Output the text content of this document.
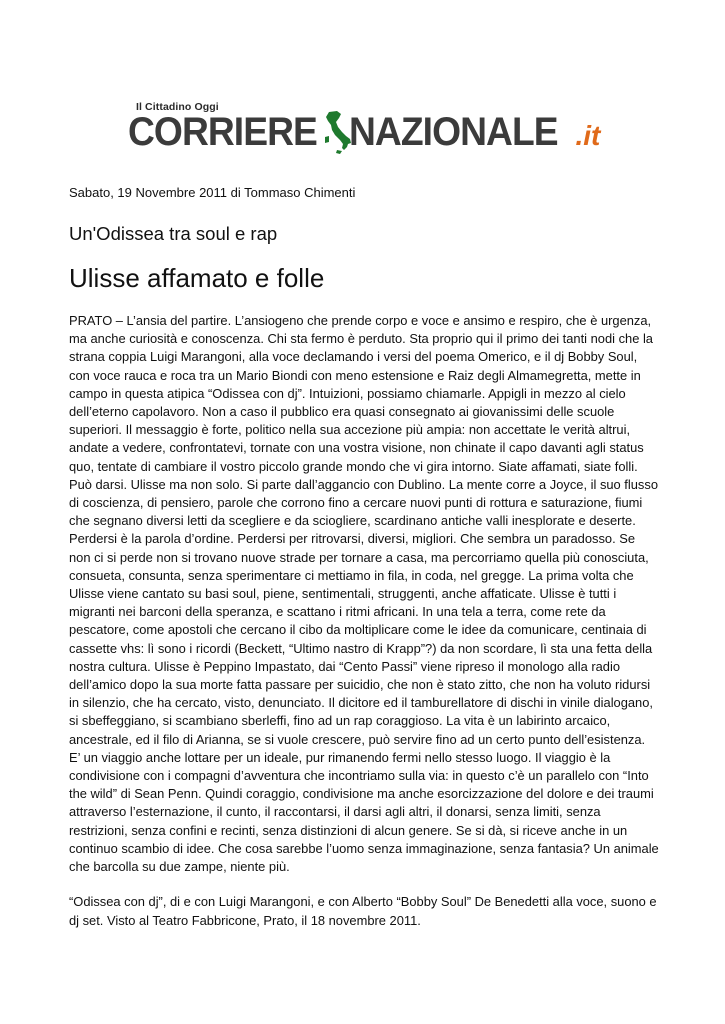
Il Cittadino Oggi
CORRIERE NAZIONALE .it

Sabato, 19 Novembre 2011 di Tommaso Chimenti

Un'Odissea tra soul e rap
Ulisse affamato e folle

PRATO – L’ansia del partire. L’ansiogeno che prende corpo e voce e ansimo e respiro, che è urgenza, ma anche curiosità e conoscenza. Chi sta fermo è perduto. Sta proprio qui il primo dei tanti nodi che la strana coppia Luigi Marangoni, alla voce declamando i versi del poema Omerico, e il dj Bobby Soul, con voce rauca e roca tra un Mario Biondi con meno estensione e Raiz degli Almamegretta, mette in campo in questa atipica “Odissea con dj”. Intuizioni, possiamo chiamarle. Appigli in mezzo al cielo dell’eterno capolavoro. Non a caso il pubblico era quasi consegnato ai giovanissimi delle scuole superiori. Il messaggio è forte, politico nella sua accezione più ampia: non accettate le verità altrui, andate a vedere, confrontatevi, tornate con una vostra visione, non chinate il capo davanti agli status quo, tentate di cambiare il vostro piccolo grande mondo che vi gira intorno. Siate affamati, siate folli. Può darsi. Ulisse ma non solo. Si parte dall’aggancio con Dublino. La mente corre a Joyce, il suo flusso di coscienza, di pensiero, parole che corrono fino a cercare nuovi punti di rottura e saturazione, fiumi che segnano diversi letti da scegliere e da sciogliere, scardinano antiche valli inesplorate e deserte. Perdersi è la parola d’ordine. Perdersi per ritrovarsi, diversi, migliori. Che sembra un paradosso. Se non ci si perde non si trovano nuove strade per tornare a casa, ma percorriamo quella più conosciuta, consueta, consunta, senza sperimentare ci mettiamo in fila, in coda, nel gregge. La prima volta che Ulisse viene cantato su basi soul, piene, sentimentali, struggenti, anche affaticate. Ulisse è tutti i migranti nei barconi della speranza, e scattano i ritmi africani. In una tela a terra, come rete da pescatore, come apostoli che cercano il cibo da moltiplicare come le idee da comunicare, centinaia di cassette vhs: lì sono i ricordi (Beckett, “Ultimo nastro di Krapp”?) da non scordare, lì sta una fetta della nostra cultura. Ulisse è Peppino Impastato, dai “Cento Passi” viene ripreso il monologo alla radio dell’amico dopo la sua morte fatta passare per suicidio, che non è stato zitto, che non ha voluto ridursi in silenzio, che ha cercato, visto, denunciato. Il dicitore ed il tamburellatore di dischi in vinile dialogano, si sbeffeggiano, si scambiano sberleffi, fino ad un rap coraggioso. La vita è un labirinto arcaico, ancestrale, ed il filo di Arianna, se si vuole crescere, può servire fino ad un certo punto dell’esistenza. E’ un viaggio anche lottare per un ideale, pur rimanendo fermi nello stesso luogo. Il viaggio è la condivisione con i compagni d’avventura che incontriamo sulla via: in questo c’è un parallelo con “Into the wild” di Sean Penn. Quindi coraggio, condivisione ma anche esorcizzazione del dolore e dei traumi attraverso l’esternazione, il cunto, il raccontarsi, il darsi agli altri, il donarsi, senza limiti, senza restrizioni, senza confini e recinti, senza distinzioni di alcun genere. Se si dà, si riceve anche in un continuo scambio di idee. Che cosa sarebbe l’uomo senza immaginazione, senza fantasia? Un animale che barcolla su due zampe, niente più.

“Odissea con dj”, di e con Luigi Marangoni, e con Alberto “Bobby Soul” De Benedetti alla voce, suono e dj set. Visto al Teatro Fabbricone, Prato, il 18 novembre 2011.
